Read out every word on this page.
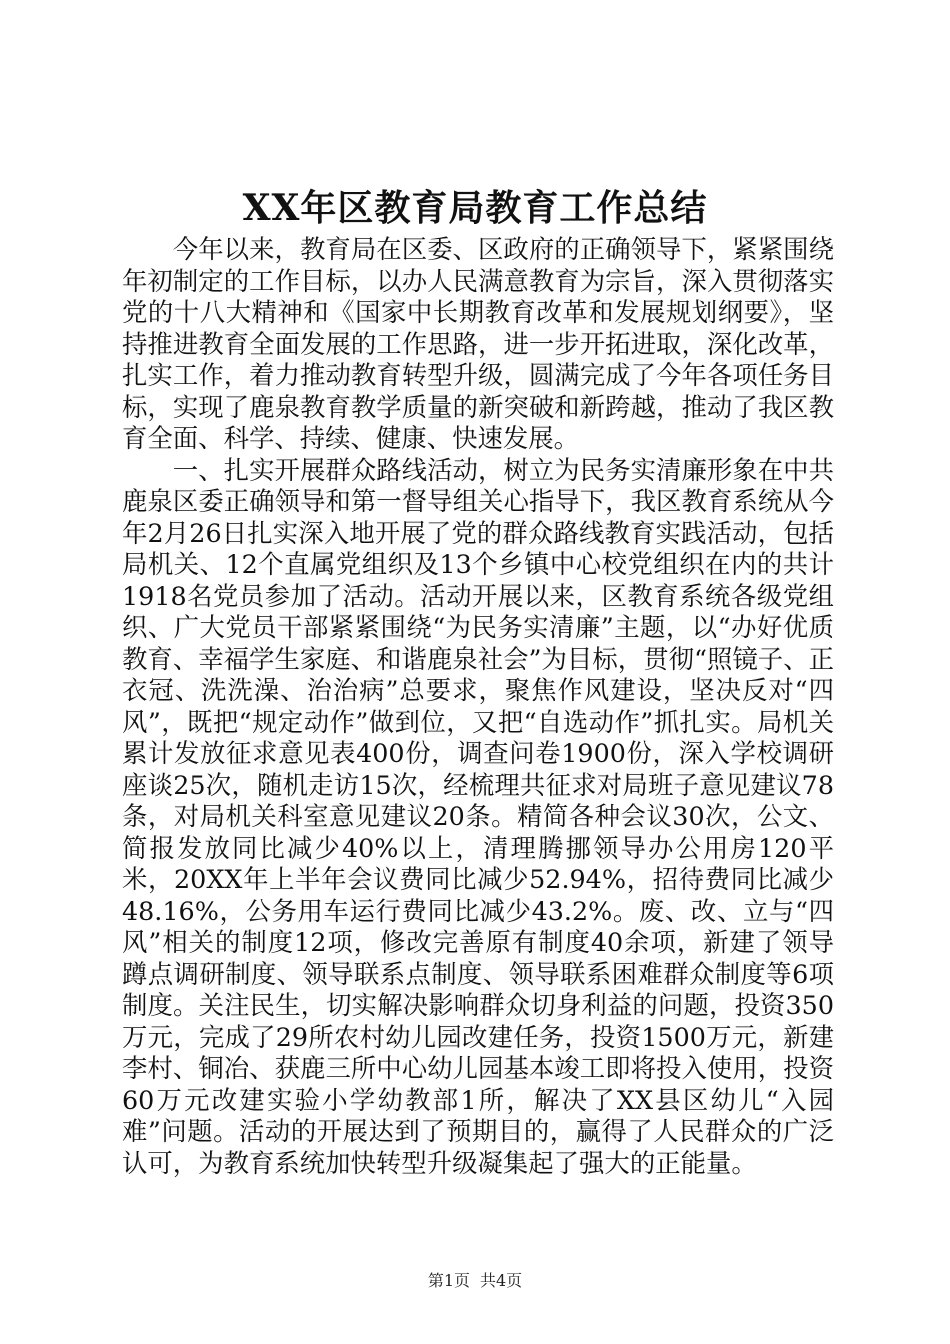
XX年区教育局教育工作总结

今年以来，教育局在区委、区政府的正确领导下，紧紧围绕年初制定的工作目标，以办人民满意教育为宗旨，深入贯彻落实党的十八大精神和《国家中长期教育改革和发展规划纲要》，坚持推进教育全面发展的工作思路，进一步开拓进取，深化改革，扎实工作，着力推动教育转型升级，圆满完成了今年各项任务目标，实现了鹿泉教育教学质量的新突破和新跨越，推动了我区教育全面、科学、持续、健康、快速发展。

一、扎实开展群众路线活动，树立为民务实清廉形象在中共鹿泉区委正确领导和第一督导组关心指导下，我区教育系统从今年2月26日扎实深入地开展了党的群众路线教育实践活动，包括局机关、12个直属党组织及13个乡镇中心校党组织在内的共计1918名党员参加了活动。活动开展以来，区教育系统各级党组织、广大党员干部紧紧围绕“为民务实清廉”主题，以“办好优质教育、幸福学生家庭、和谐鹿泉社会”为目标，贯彻“照镜子、正衣冠、洗洗澡、治治病”总要求，聚焦作风建设，坚决反对“四风”，既把“规定动作”做到位，又把“自选动作”抓扎实。局机关累计发放征求意见表400份，调查问卷1900份，深入学校调研座谈25次，随机走访15次，经梳理共征求对局班子意见建议78条，对局机关科室意见建议20条。精简各种会议30次，公文、简报发放同比减少40%以上，清理腾挪领导办公用房120平米，20XX年上半年会议费同比减少52.94%，招待费同比减少48.16%，公务用车运行费同比减少43.2%。废、改、立与“四风”相关的制度12项，修改完善原有制度40余项，新建了领导蹲点调研制度、领导联系点制度、领导联系困难群众制度等6项制度。关注民生，切实解决影响群众切身利益的问题，投资350万元，完成了29所农村幼儿园改建任务，投资1500万元，新建李村、铜冶、获鹿三所中心幼儿园基本竣工即将投入使用，投资60万元改建实验小学幼教部1所，解决了XX县区幼儿“入园难”问题。活动的开展达到了预期目的，赢得了人民群众的广泛认可，为教育系统加快转型升级凝集起了强大的正能量。

第1页 共4页
